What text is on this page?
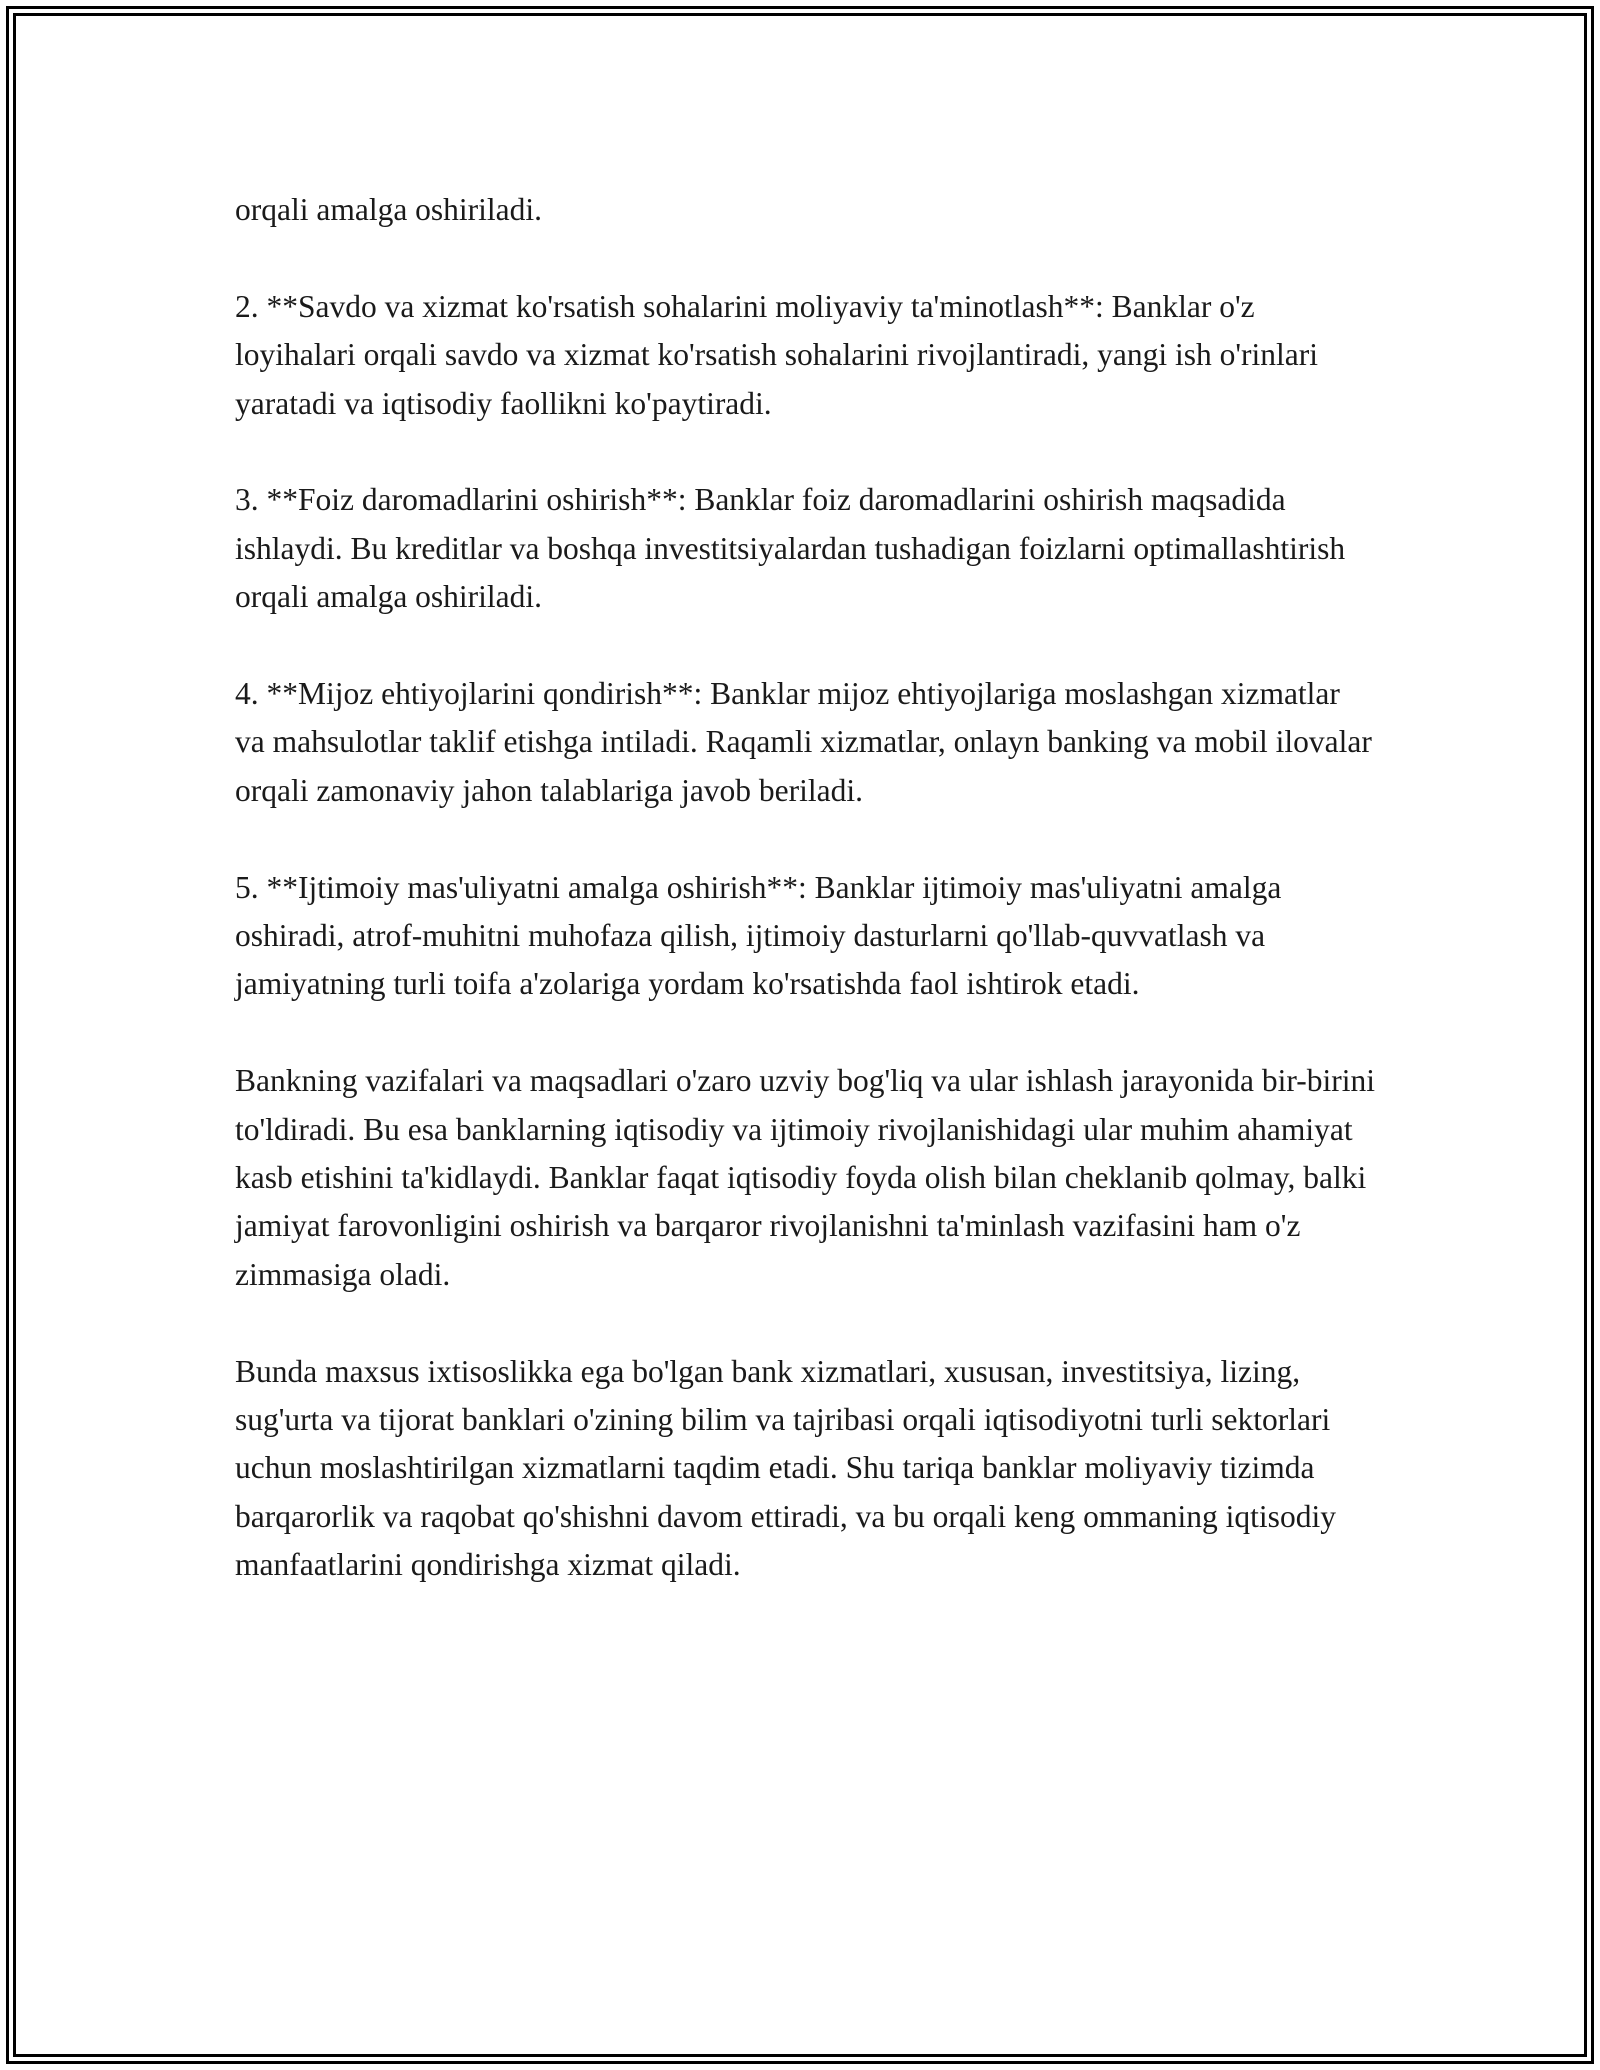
orqali amalga oshiriladi.

2. **Savdo va xizmat ko'rsatish sohalarini moliyaviy ta'minotlash**: Banklar o'z loyihalari orqali savdo va xizmat ko'rsatish sohalarini rivojlantiradi, yangi ish o'rinlari yaratadi va iqtisodiy faollikni ko'paytiradi.

3. **Foiz daromadlarini oshirish**: Banklar foiz daromadlarini oshirish maqsadida ishlaydi. Bu kreditlar va boshqa investitsiyalardan tushadigan foizlarni optimallashtirish orqali amalga oshiriladi.

4. **Mijoz ehtiyojlarini qondirish**: Banklar mijoz ehtiyojlariga moslashgan xizmatlar va mahsulotlar taklif etishga intiladi. Raqamli xizmatlar, onlayn banking va mobil ilovalar orqali zamonaviy jahon talablariga javob beriladi.

5. **Ijtimoiy mas'uliyatni amalga oshirish**: Banklar ijtimoiy mas'uliyatni amalga oshiradi, atrof-muhitni muhofaza qilish, ijtimoiy dasturlarni qo'llab-quvvatlash va jamiyatning turli toifa a'zolariga yordam ko'rsatishda faol ishtirok etadi.

Bankning vazifalari va maqsadlari o'zaro uzviy bog'liq va ular ishlash jarayonida bir-birini to'ldiradi. Bu esa banklarning iqtisodiy va ijtimoiy rivojlanishidagi ular muhim ahamiyat kasb etishini ta'kidlaydi. Banklar faqat iqtisodiy foyda olish bilan cheklanib qolmay, balki jamiyat farovonligini oshirish va barqaror rivojlanishni ta'minlash vazifasini ham o'z zimmasiga oladi.

Bunda maxsus ixtisoslikka ega bo'lgan bank xizmatlari, xususan, investitsiya, lizing, sug'urta va tijorat banklari o'zining bilim va tajribasi orqali iqtisodiyotni turli sektorlari uchun moslashtirilgan xizmatlarni taqdim etadi. Shu tariqa banklar moliyaviy tizimda barqarorlik va raqobat qo'shishni davom ettiradi, va bu orqali keng ommaning iqtisodiy manfaatlarini qondirishga xizmat qiladi.
